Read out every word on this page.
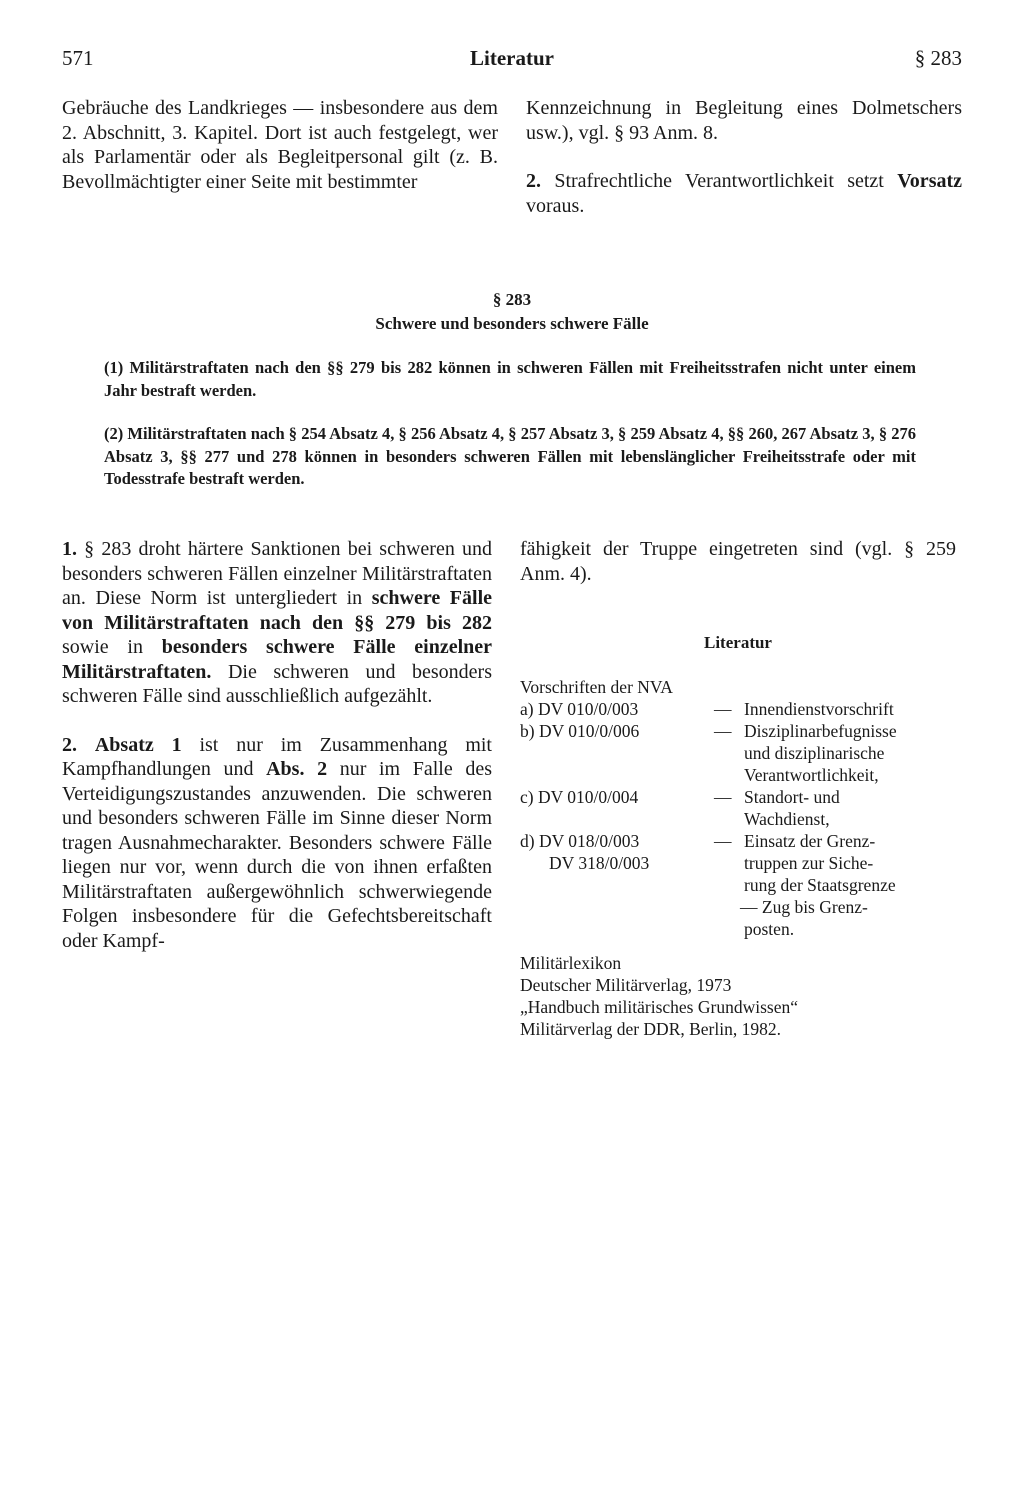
571	Literatur	§ 283

Gebräuche des Landkrieges — insbesondere aus dem 2. Abschnitt, 3. Kapitel. Dort ist auch festgelegt, wer als Parlamentär oder als Begleitpersonal gilt (z. B. Bevollmächtigter einer Seite mit bestimmter

Kennzeichnung in Begleitung eines Dolmetschers usw.), vgl. § 93 Anm. 8.

2. Strafrechtliche Verantwortlichkeit setzt Vorsatz voraus.

§ 283
Schwere und besonders schwere Fälle
(1) Militärstraftaten nach den §§ 279 bis 282 können in schweren Fällen mit Freiheitsstrafen nicht unter einem Jahr bestraft werden.
(2) Militärstraftaten nach § 254 Absatz 4, § 256 Absatz 4, § 257 Absatz 3, § 259 Absatz 4, §§ 260, 267 Absatz 3, § 276 Absatz 3, §§ 277 und 278 können in besonders schweren Fällen mit lebenslänglicher Freiheitsstrafe oder mit Todesstrafe bestraft werden.

1. § 283 droht härtere Sanktionen bei schweren und besonders schweren Fällen einzelner Militärstraftaten an. Diese Norm ist untergliedert in schwere Fälle von Militärstraftaten nach den §§ 279 bis 282 sowie in besonders schwere Fälle einzelner Militärstraftaten. Die schweren und besonders schweren Fälle sind ausschließlich aufgezählt.

2. Absatz 1 ist nur im Zusammenhang mit Kampfhandlungen und Abs. 2 nur im Falle des Verteidigungszustandes anzuwenden. Die schweren und besonders schweren Fälle im Sinne dieser Norm tragen Ausnahmecharakter. Besonders schwere Fälle liegen nur vor, wenn durch die von ihnen erfaßten Militärstraftaten außergewöhnlich schwerwiegende Folgen insbesondere für die Gefechtsbereitschaft oder Kampf-

fähigkeit der Truppe eingetreten sind (vgl. § 259 Anm. 4).

Literatur
Vorschriften der NVA
a) DV 010/0/003	— Innendienstvorschrift
b) DV 010/0/006	— Disziplinarbefugnisse
und disziplinarische
Verantwortlichkeit,
c) DV 010/0/004	— Standort- und
Wachdienst,
d) DV 018/0/003	— Einsatz der Grenz-
DV 318/0/003	truppen zur Siche-
rung der Staatsgrenze
— Zug bis Grenz-
posten.
Militärlexikon
Deutscher Militärverlag, 1973
„Handbuch militärisches Grundwissen“
Militärverlag der DDR, Berlin, 1982.
